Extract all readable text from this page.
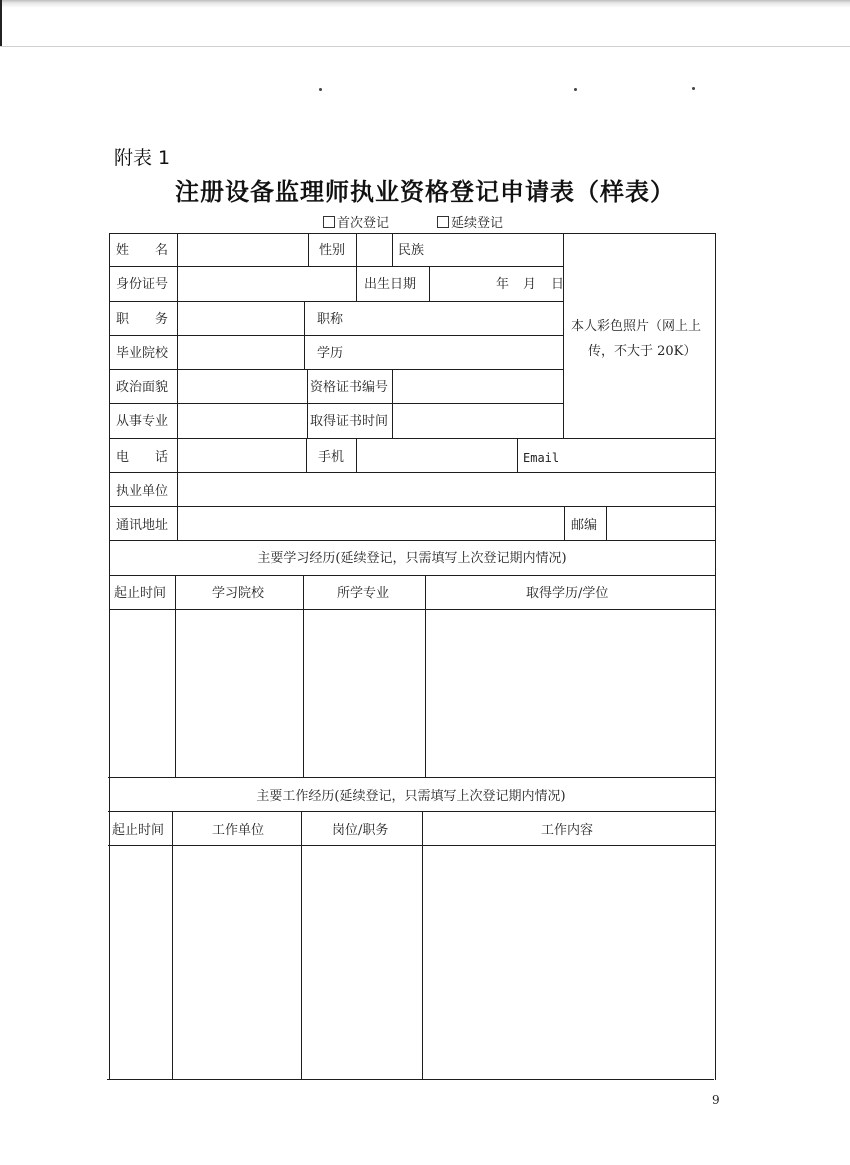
附表 1
注册设备监理师执业资格登记申请表（样表）
首次登记	延续登记
姓　　名	性别	民族
身份证号	出生日期	年 月 日
职　　务	职称
毕业院校	学历
政治面貌	资格证书编号
从事专业	取得证书时间
本人彩色照片（网上上
传，不大于 20K）
电　　话	手机	Email
执业单位
通讯地址	邮编
主要学习经历(延续登记，只需填写上次登记期内情况)
起止时间	学习院校	所学专业	取得学历/学位
主要工作经历(延续登记，只需填写上次登记期内情况)
起止时间	工作单位	岗位/职务	工作内容
9
